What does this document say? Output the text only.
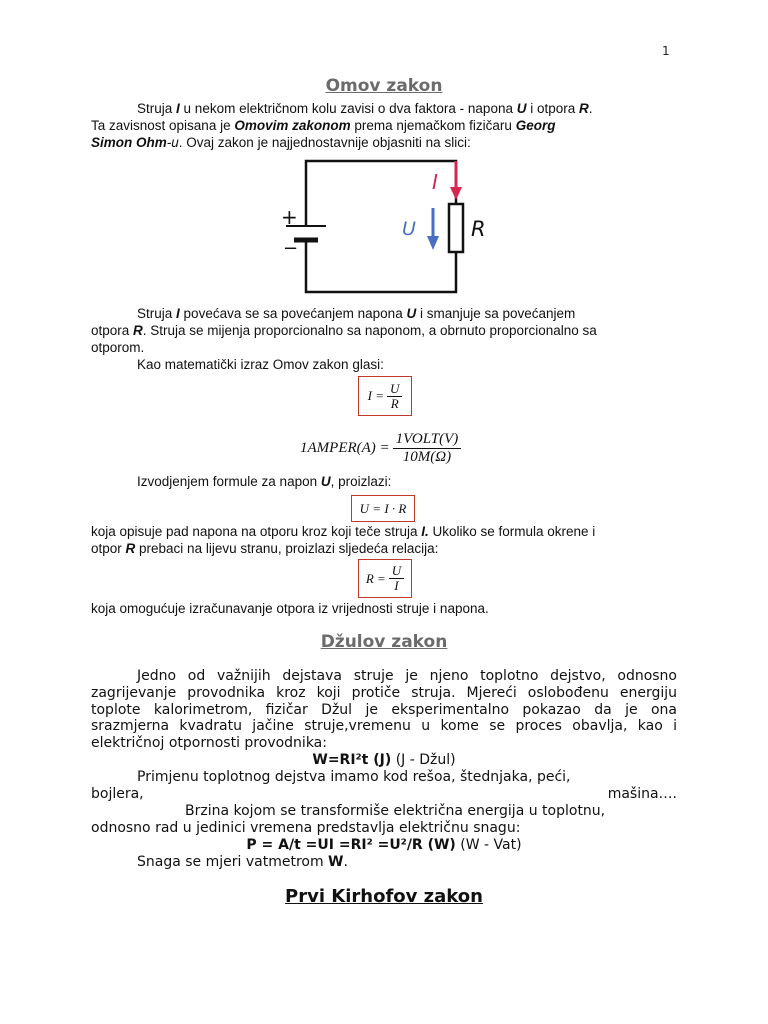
1
Omov zakon
Struja I u nekom električnom kolu zavisi o dva faktora - napona U i otpora R.
Ta zavisnost opisana je Omovim zakonom prema njemačkom fizičaru Georg
Simon Ohm-u. Ovaj zakon je najjednostavnije objasniti na slici:
+
−
I
U	R
Struja I povećava se sa povećanjem napona U i smanjuje sa povećanjem
otpora R. Struja se mijenja proporcionalno sa naponom, a obrnuto proporcionalno sa
otporom.
Kao matematički izraz Omov zakon glasi:
$I = \frac{U}{R}$
1AMPER(A) = $\frac{\text{1VOLT(V)}}{10M(\Omega)}$
Izvodjenjem formule za napon U, proizlazi:
U = I · R
koja opisuje pad napona na otporu kroz koji teče struja I. Ukoliko se formula okrene i
otpor R prebaci na lijevu stranu, proizlazi sljedeća relacija:
$R = \frac{U}{I}$
koja omogućuje izračunavanje otpora iz vrijednosti struje i napona.
Džulov zakon
Jedno od važnijih dejstava struje je njeno toplotno dejstvo, odnosno zagrijevanje provodnika kroz koji protiče struja. Mjereći oslobođenu energiju toplote kalorimetrom, fizičar Džul je eksperimentalno pokazao da je ona srazmjerna kvadratu jačine struje,vremenu u kome se proces obavlja, kao i električnoj otpornosti provodnika:
W=RI²t (J) (J - Džul)
Primjenu toplotnog dejstva imamo kod rešoa, štednjaka, peći,
bojlera,	mašina….
Brzina kojom se transformiše električna energija u toplotnu,
odnosno rad u jedinici vremena predstavlja električnu snagu:
P = A/t =UI =RI² =U²/R (W) (W - Vat)
Snaga se mjeri vatmetrom W.
Prvi Kirhofov zakon
